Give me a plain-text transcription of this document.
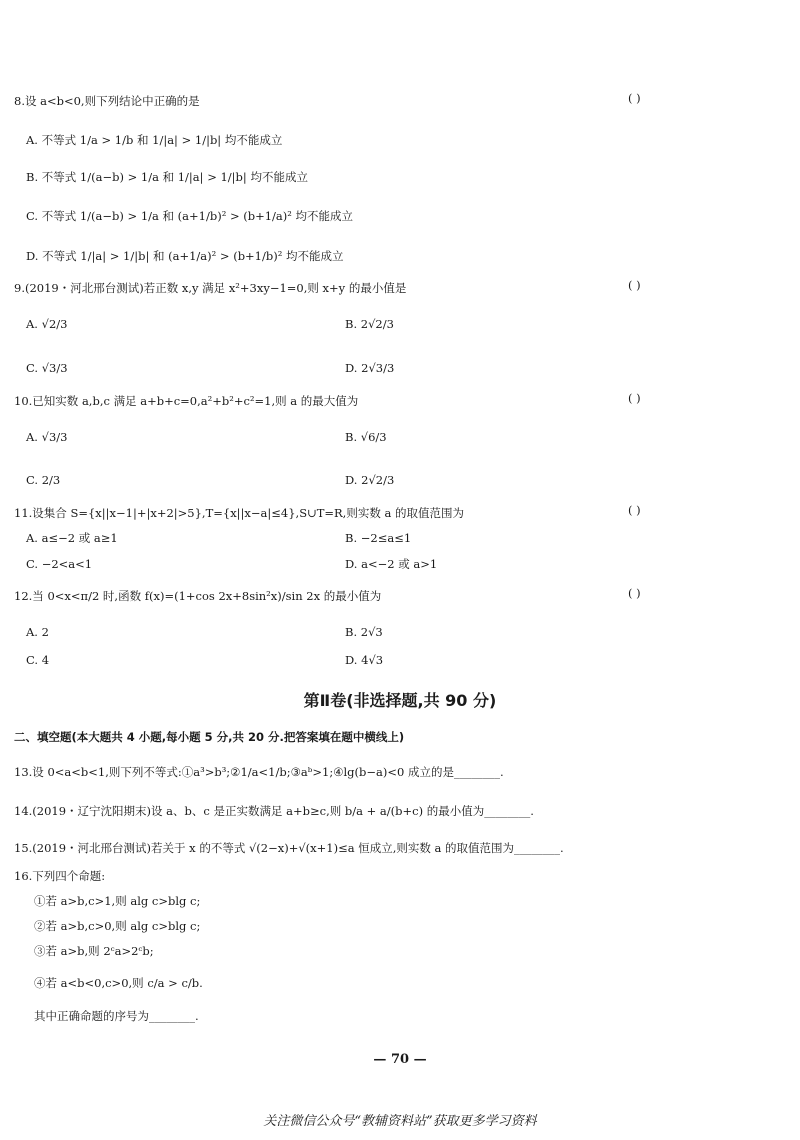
8.设 a<b<0,则下列结论中正确的是	( )
A. 不等式 1/a > 1/b 和 1/|a| > 1/|b| 均不能成立
B. 不等式 1/(a−b) > 1/a 和 1/|a| > 1/|b| 均不能成立
C. 不等式 1/(a−b) > 1/a 和 (a+1/b)² > (b+1/a)² 均不能成立
D. 不等式 1/|a| > 1/|b| 和 (a+1/a)² > (b+1/b)² 均不能成立
9.(2019・河北邢台测试)若正数 x,y 满足 x²+3xy−1=0,则 x+y 的最小值是	( )
A. √2/3	B. 2√2/3
C. √3/3	D. 2√3/3
10.已知实数 a,b,c 满足 a+b+c=0,a²+b²+c²=1,则 a 的最大值为	( )
A. √3/3	B. √6/3
C. 2/3	D. 2√2/3
11.设集合 S={x||x−1|+|x+2|>5},T={x||x−a|≤4},S∪T=R,则实数 a 的取值范围为	( )
A. a≤−2 或 a≥1	B. −2≤a≤1
C. −2<a<1	D. a<−2 或 a>1
12.当 0<x<π/2 时,函数 f(x)=(1+cos 2x+8sin²x)/sin 2x 的最小值为	( )
A. 2	B. 2√3
C. 4	D. 4√3
第Ⅱ卷(非选择题,共 90 分)
二、填空题(本大题共 4 小题,每小题 5 分,共 20 分.把答案填在题中横线上)
13.设 0<a<b<1,则下列不等式:①a³>b³;②1/a<1/b;③aᵇ>1;④lg(b−a)<0 成立的是________.
14.(2019・辽宁沈阳期末)设 a、b、c 是正实数满足 a+b≥c,则 b/a + a/(b+c) 的最小值为________.
15.(2019・河北邢台测试)若关于 x 的不等式 √(2−x)+√(x+1)≤a 恒成立,则实数 a 的取值范围为________.
16.下列四个命题:
①若 a>b,c>1,则 alg c>blg c;
②若 a>b,c>0,则 alg c>blg c;
③若 a>b,则 2ᶜa>2ᶜb;
④若 a<b<0,c>0,则 c/a > c/b.
其中正确命题的序号为________.
— 70 —
关注微信公众号“教辅资料站”获取更多学习资料
